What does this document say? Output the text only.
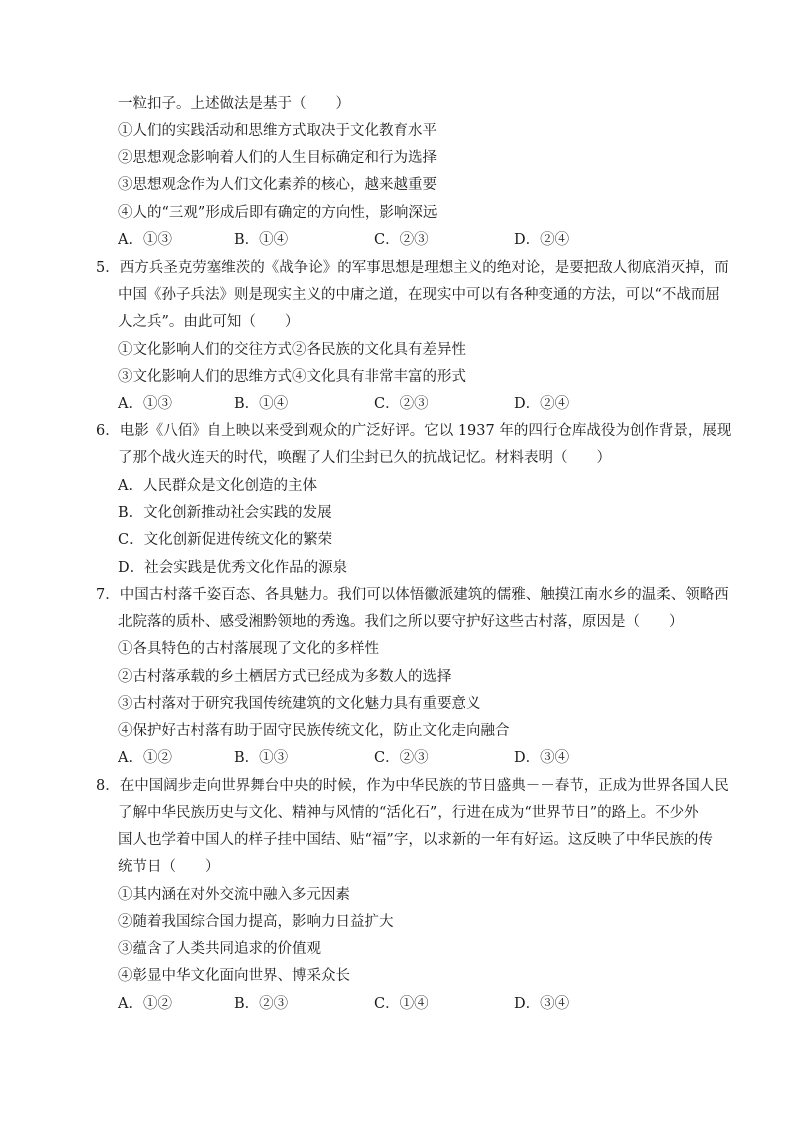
一粒扣子。上述做法是基于（　　）
①人们的实践活动和思维方式取决于文化教育水平
②思想观念影响着人们的人生目标确定和行为选择
③思想观念作为人们文化素养的核心，越来越重要
④人的“三观”形成后即有确定的方向性，影响深远
A．①③	B．①④	C．②③	D．②④
5．西方兵圣克劳塞维茨的《战争论》的军事思想是理想主义的绝对论，是要把敌人彻底消灭掉，而
中国《孙子兵法》则是现实主义的中庸之道，在现实中可以有各种变通的方法，可以“不战而屈
人之兵”。由此可知（　　）
①文化影响人们的交往方式②各民族的文化具有差异性
③文化影响人们的思维方式④文化具有非常丰富的形式
A．①③	B．①④	C．②③	D．②④
6．电影《八佰》自上映以来受到观众的广泛好评。它以 1937 年的四行仓库战役为创作背景，展现
了那个战火连天的时代，唤醒了人们尘封已久的抗战记忆。材料表明（　　）
A．人民群众是文化创造的主体
B．文化创新推动社会实践的发展
C．文化创新促进传统文化的繁荣
D．社会实践是优秀文化作品的源泉
7．中国古村落千姿百态、各具魅力。我们可以体悟徽派建筑的儒雅、触摸江南水乡的温柔、领略西
北院落的质朴、感受湘黔领地的秀逸。我们之所以要守护好这些古村落，原因是（　　）
①各具特色的古村落展现了文化的多样性
②古村落承载的乡土栖居方式已经成为多数人的选择
③古村落对于研究我国传统建筑的文化魅力具有重要意义
④保护好古村落有助于固守民族传统文化，防止文化走向融合
A．①②	B．①③	C．②③	D．③④
8．在中国阔步走向世界舞台中央的时候，作为中华民族的节日盛典－－春节，正成为世界各国人民
了解中华民族历史与文化、精神与风情的“活化石”，行进在成为“世界节日”的路上。不少外
国人也学着中国人的样子挂中国结、贴“福”字，以求新的一年有好运。这反映了中华民族的传
统节日（　　）
①其内涵在对外交流中融入多元因素
②随着我国综合国力提高，影响力日益扩大
③蕴含了人类共同追求的价值观
④彰显中华文化面向世界、博采众长
A．①②	B．②③	C．①④	D．③④
